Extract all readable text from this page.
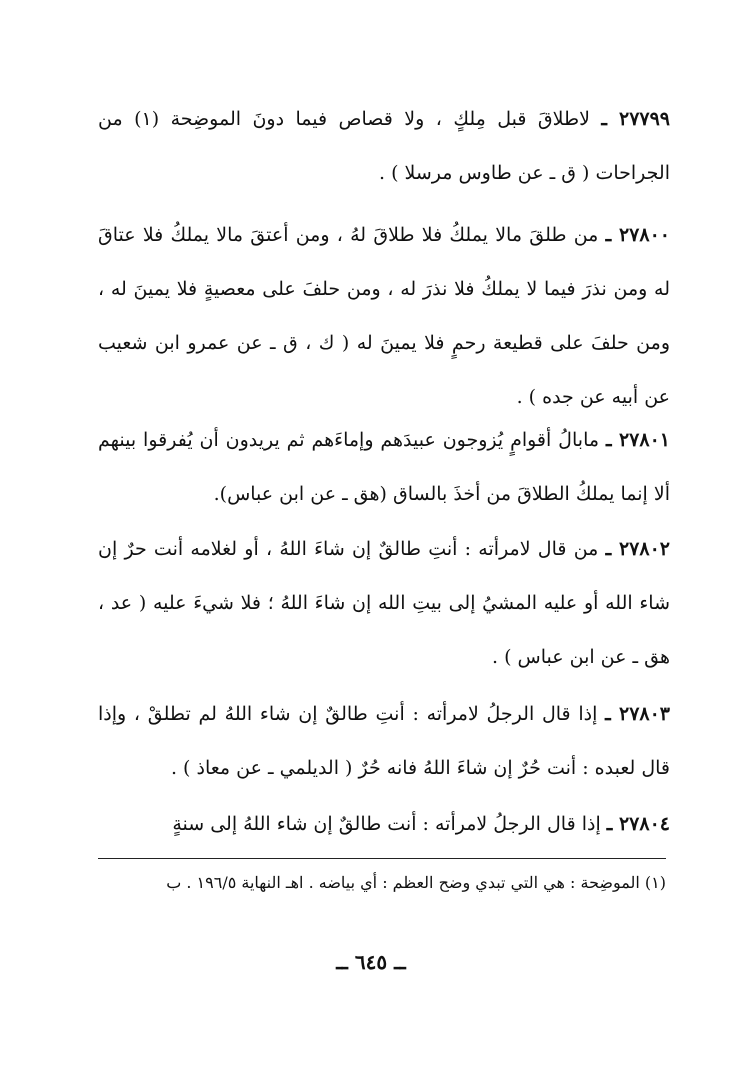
٢٧٧٩٩ ـ لاطلاقَ قبل مِلكٍ ، ولا قصاص فيما دونَ الموضِحة (١) من الجراحات ( ق ـ عن طاوس مرسلا ) .

٢٧٨٠٠ ـ من طلقَ مالا يملكُ فلا طلاقَ لهُ ، ومن أعتقَ مالا يملكُ فلا عتاقَ له ومن نذرَ فيما لا يملكُ فلا نذرَ له ، ومن حلفَ على معصيةٍ فلا يمينَ له ، ومن حلفَ على قطيعة رحمٍ فلا يمينَ له ( ك ، ق ـ عن عمرو ابن شعيب عن أبيه عن جده ) .

٢٧٨٠١ ـ مابالُ أقوامٍ يُزوجون عبيدَهم وإماءَهم ثم يريدون أن يُفرقوا بينهم ألا إنما يملكُ الطلاقَ من أخذَ بالساق (هق ـ عن ابن عباس).

٢٧٨٠٢ ـ من قال لامرأته : أنتِ طالقٌ إن شاءَ اللهُ ، أو لغلامه أنت حرٌ إن شاء الله أو عليه المشيُ إلى بيتِ الله إن شاءَ اللهُ ؛ فلا شيءَ عليه ( عد ، هق ـ عن ابن عباس ) .

٢٧٨٠٣ ـ إذا قال الرجلُ لامرأته : أنتِ طالقٌ إن شاء اللهُ لم تطلقْ ، وإذا قال لعبده : أنت حُرٌ إن شاءَ اللهُ فانه حُرٌ ( الديلمي ـ عن معاذ ) .

٢٧٨٠٤ ـ إذا قال الرجلُ لامرأته : أنت طالقٌ إن شاء اللهُ إلى سنةٍ

(١) الموضِحة : هي التي تبدي وضح العظم : أي بياضه . اهـ النهاية ١٩٦/٥ . ب
ــ ٦٤٥ ــ
